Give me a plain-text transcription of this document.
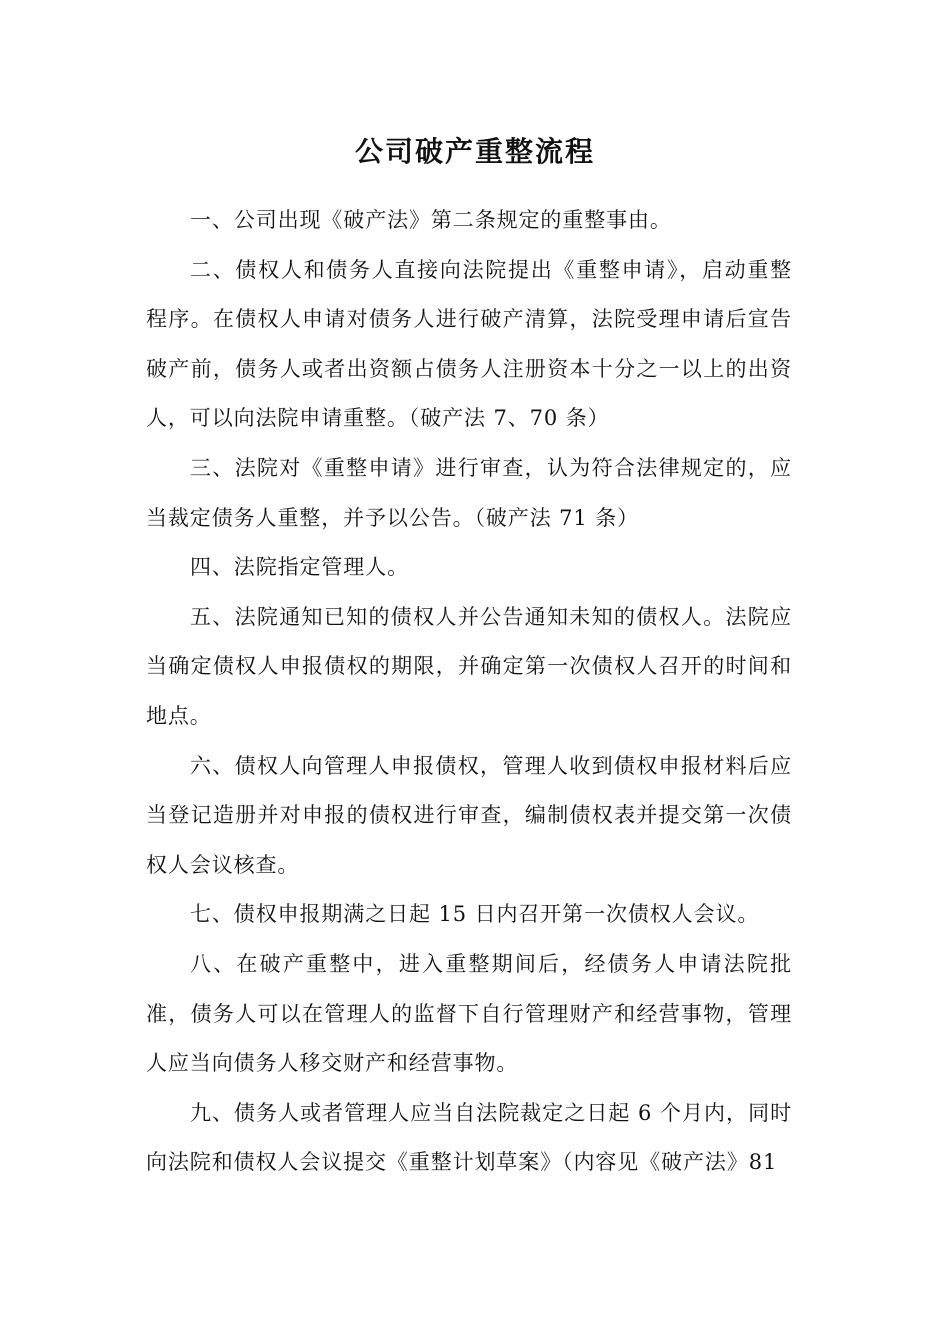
公司破产重整流程

一、公司出现《破产法》第二条规定的重整事由。

二、债权人和债务人直接向法院提出《重整申请》，启动重整程序。在债权人申请对债务人进行破产清算，法院受理申请后宣告破产前，债务人或者出资额占债务人注册资本十分之一以上的出资人，可以向法院申请重整。（破产法 7、70 条）

三、法院对《重整申请》进行审查，认为符合法律规定的，应当裁定债务人重整，并予以公告。（破产法 71 条）

四、法院指定管理人。

五、法院通知已知的债权人并公告通知未知的债权人。法院应当确定债权人申报债权的期限，并确定第一次债权人召开的时间和地点。

六、债权人向管理人申报债权，管理人收到债权申报材料后应当登记造册并对申报的债权进行审查，编制债权表并提交第一次债权人会议核查。

七、债权申报期满之日起 15 日内召开第一次债权人会议。

八、在破产重整中，进入重整期间后，经债务人申请法院批准，债务人可以在管理人的监督下自行管理财产和经营事物，管理人应当向债务人移交财产和经营事物。

九、债务人或者管理人应当自法院裁定之日起 6 个月内，同时向法院和债权人会议提交《重整计划草案》（内容见《破产法》81
